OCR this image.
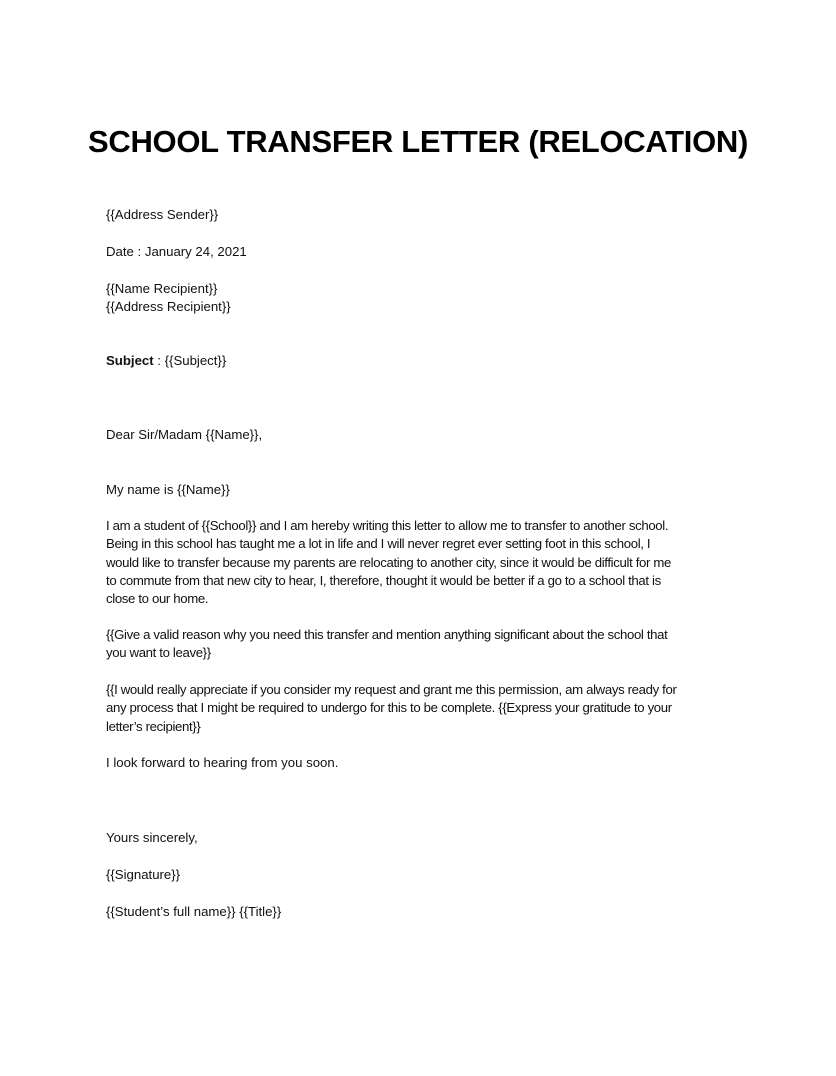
SCHOOL TRANSFER LETTER (RELOCATION)

{{Address Sender}}

Date : January 24, 2021

{{Name Recipient}}

{{Address Recipient}}

Subject : {{Subject}}

Dear Sir/Madam {{Name}},

My name is {{Name}}

I am a student of {{School}} and I am hereby writing this letter to allow me to transfer to another school.
Being in this school has taught me a lot in life and I will never regret ever setting foot in this school, I
would like to transfer because my parents are relocating to another city, since it would be difficult for me
to commute from that new city to hear, I, therefore, thought it would be better if a go to a school that is
close to our home.
{{Give a valid reason why you need this transfer and mention anything significant about the school that
you want to leave}}
{{I would really appreciate if you consider my request and grant me this permission, am always ready for
any process that I might be required to undergo for this to be complete. {{Express your gratitude to your
letter’s recipient}}

I look forward to hearing from you soon.

Yours sincerely,

{{Signature}}

{{Student’s full name}} {{Title}}
